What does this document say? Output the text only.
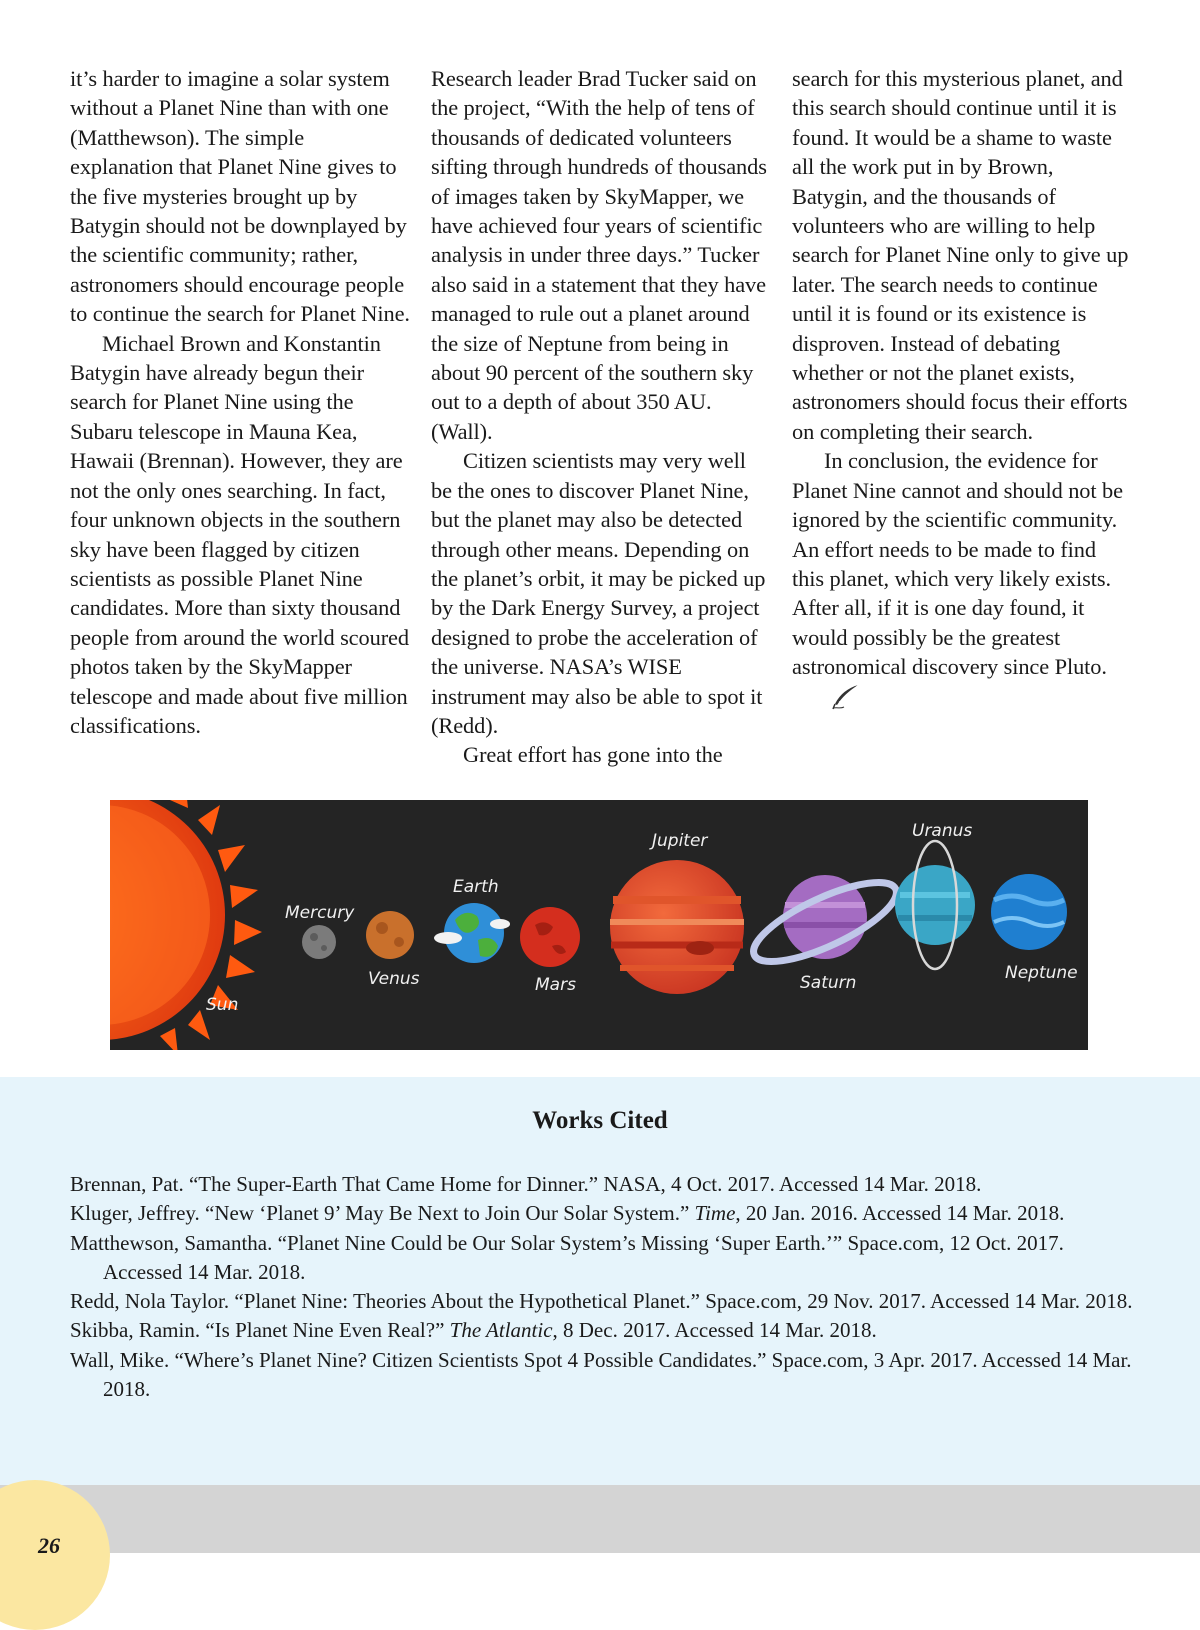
it’s harder to imagine a solar system without a Planet Nine than with one (Matthewson). The simple explanation that Planet Nine gives to the five mysteries brought up by Batygin should not be downplayed by the scientific community; rather, astronomers should encourage people to continue the search for Planet Nine.

Michael Brown and Konstantin Batygin have already begun their search for Planet Nine using the Subaru telescope in Mauna Kea, Hawaii (Brennan). However, they are not the only ones searching. In fact, four unknown objects in the southern sky have been flagged by citizen scientists as possible Planet Nine candidates. More than sixty thousand people from around the world scoured photos taken by the SkyMapper telescope and made about five million classifications.

Research leader Brad Tucker said on the project, “With the help of tens of thousands of dedicated volunteers sifting through hundreds of thousands of images taken by SkyMapper, we have achieved four years of scientific analysis in under three days.” Tucker also said in a statement that they have managed to rule out a planet around the size of Neptune from being in about 90 percent of the southern sky out to a depth of about 350 AU. (Wall).

Citizen scientists may very well be the ones to discover Planet Nine, but the planet may also be detected through other means. Depending on the planet’s orbit, it may be picked up by the Dark Energy Survey, a project designed to probe the acceleration of the universe. NASA’s WISE instrument may also be able to spot it (Redd).

Great effort has gone into the

search for this mysterious planet, and this search should continue until it is found. It would be a shame to waste all the work put in by Brown, Batygin, and the thousands of volunteers who are willing to help search for Planet Nine only to give up later. The search needs to continue until it is found or its existence is disproven. Instead of debating whether or not the planet exists, astronomers should focus their efforts on completing their search.

In conclusion, the evidence for Planet Nine cannot and should not be ignored by the scientific community. An effort needs to be made to find this planet, which very likely exists. After all, if it is one day found, it would possibly be the greatest astronomical discovery since Pluto.

Sun
Mercury
Venus
Earth
Mars
Jupiter
Saturn
Uranus
Neptune
Works Cited

Brennan, Pat. “The Super-Earth That Came Home for Dinner.” NASA, 4 Oct. 2017. Accessed 14 Mar. 2018.

Kluger, Jeffrey. “New ‘Planet 9’ May Be Next to Join Our Solar System.” Time, 20 Jan. 2016. Accessed 14 Mar. 2018.

Matthewson, Samantha. “Planet Nine Could be Our Solar System’s Missing ‘Super Earth.’” Space.com, 12 Oct. 2017. Accessed 14 Mar. 2018.

Redd, Nola Taylor. “Planet Nine: Theories About the Hypothetical Planet.” Space.com, 29 Nov. 2017. Accessed 14 Mar. 2018.

Skibba, Ramin. “Is Planet Nine Even Real?” The Atlantic, 8 Dec. 2017. Accessed 14 Mar. 2018.

Wall, Mike. “Where’s Planet Nine? Citizen Scientists Spot 4 Possible Candidates.” Space.com, 3 Apr. 2017. Accessed 14 Mar. 2018.

26
